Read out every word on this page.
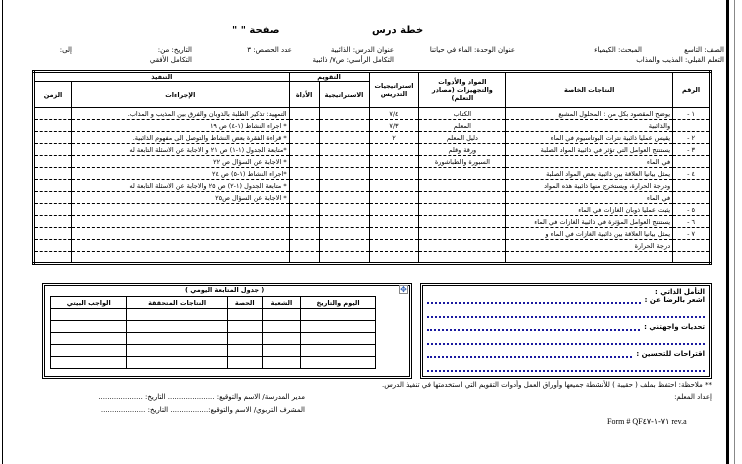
خطة درس
صفحة " "
الصف: التاسع
المبحث: الكيمياء
عنوان الوحدة: الماء في حياتنا
عنوان الدرس: الذائبية
عدد الحصص: ٣
التاريخ: من:
إلى:
التعلم القبلي: المذيب والمذاب
التكامل الرأسي: ص٧/ ذائبية
التكامل الأفقي
الرقم	النتاجات الخاصة	المواد والأدوات والتجهيزات (مصادر التعلم)	استراتيجيات التدريس	التقويم		التنفيذ	
				الاستراتيجية	الأداة	الإجراءات	الزمن
١ -	يوضح المقصود بكل من : المحلول المشبع	الكتاب	٧/٤			التمهيد: تذكير الطلبة بالذوبان والفرق بين المذيب و المذاب.	
	والذائبية	المعلم	٧/٣			* اجراء النشاط (١-٤) ص ١٩	
٢ -	يقيس عمليا ذائبية نترات البوتاسيوم في الماء	دليل المعلم	٢			* قراءة الفقرة بعض النشاط والتوصل الى مفهوم الذائبية.	
٣ -	يستنتج العوامل التي تؤثر في ذائبية المواد الصلبة	ورقة وقلم				*متابعة الجدول (١-١) ص ٢١ و الاجابة عن الاسئلة التابعة له	
	في الماء	السبورة والطباشورة				* الاجابة عن السؤال ص ٢٢	
٤ -	يمثل بيانيا العلاقة بين ذائبية بعض المواد الصلبة					*اجراء النشاط (١-٥) ص ٢٤	
	ودرجة الحرارة، ويستخرج منها ذائبية هذه المواد					* متابعة الجدول (١-٢) ص ٢٥ والاجابة عن الاسئلة التابعة له	
	في الماء					* الاجابة عن السؤال ص٢٥	
٥ -	يثبت عمليا ذوبان الغازات في الماء						
٦ -	يستنتج العوامل المؤثرة في ذائبية الغازات في الماء						
٧ -	يمثل بيانيا العلاقة بين ذائبية الغازات في الماء و						
	درجة الحرارة						

( جدول المتابعة اليومي )	✥
اليوم والتاريخ	الشعبة	الحصة	النتاجات المتحققة	الواجب البيتي

التأمل الذاتي :
اشعر بالرضا عن :
تحديات واجهتني :
اقتراحات للتحسين :
** ملاحظة: احتفظ بملف ( حقيبة ) للأنشطة جميعها وأوراق العمل وأدوات التقويم التي استخدمتها في تنفيذ الدرس.
إعداد المعلم:
مدير المدرسة/ الاسم والتوقيع: ..................... التاريخ: ....................
المشرف التربوي/ الاسم والتوقيع:................. التاريخ: ....................
Form # QF٧١-١-٤٧ rev.a
